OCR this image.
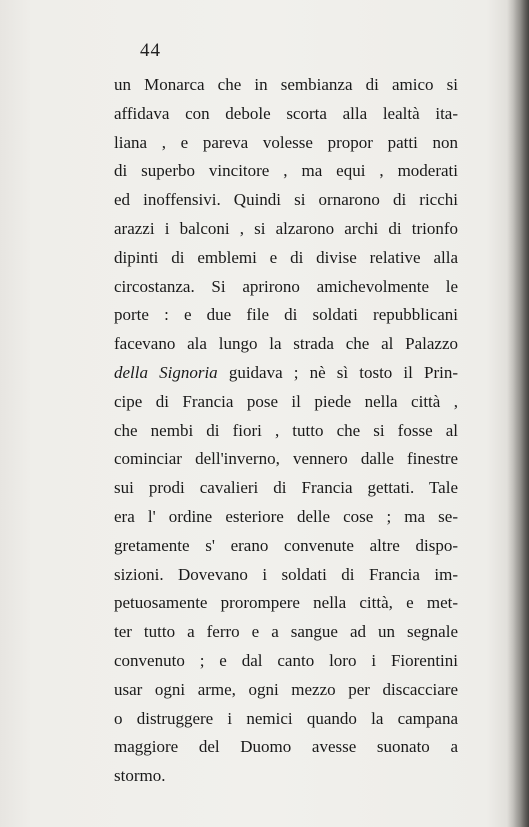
44
un Monarca che in sembianza di amico si
affidava con debole scorta alla lealtà ita-
liana , e pareva volesse propor patti non
di superbo vincitore , ma equi , moderati
ed inoffensivi. Quindi si ornarono di ricchi
arazzi i balconi , si alzarono archi di trionfo
dipinti di emblemi e di divise relative alla
circostanza. Si aprirono amichevolmente le
porte : e due file di soldati repubblicani
facevano ala lungo la strada che al Palazzo
della Signoria guidava ; nè sì tosto il Prin-
cipe di Francia pose il piede nella città ,
che nembi di fiori , tutto che si fosse al
cominciar dell'inverno, vennero dalle finestre
sui prodi cavalieri di Francia gettati. Tale
era l' ordine esteriore delle cose ; ma se-
gretamente s' erano convenute altre dispo-
sizioni. Dovevano i soldati di Francia im-
petuosamente prorompere nella città, e met-
ter tutto a ferro e a sangue ad un segnale
convenuto ; e dal canto loro i Fiorentini
usar ogni arme, ogni mezzo per discacciare
o distruggere i nemici quando la campana
maggiore del Duomo avesse suonato a
stormo.
